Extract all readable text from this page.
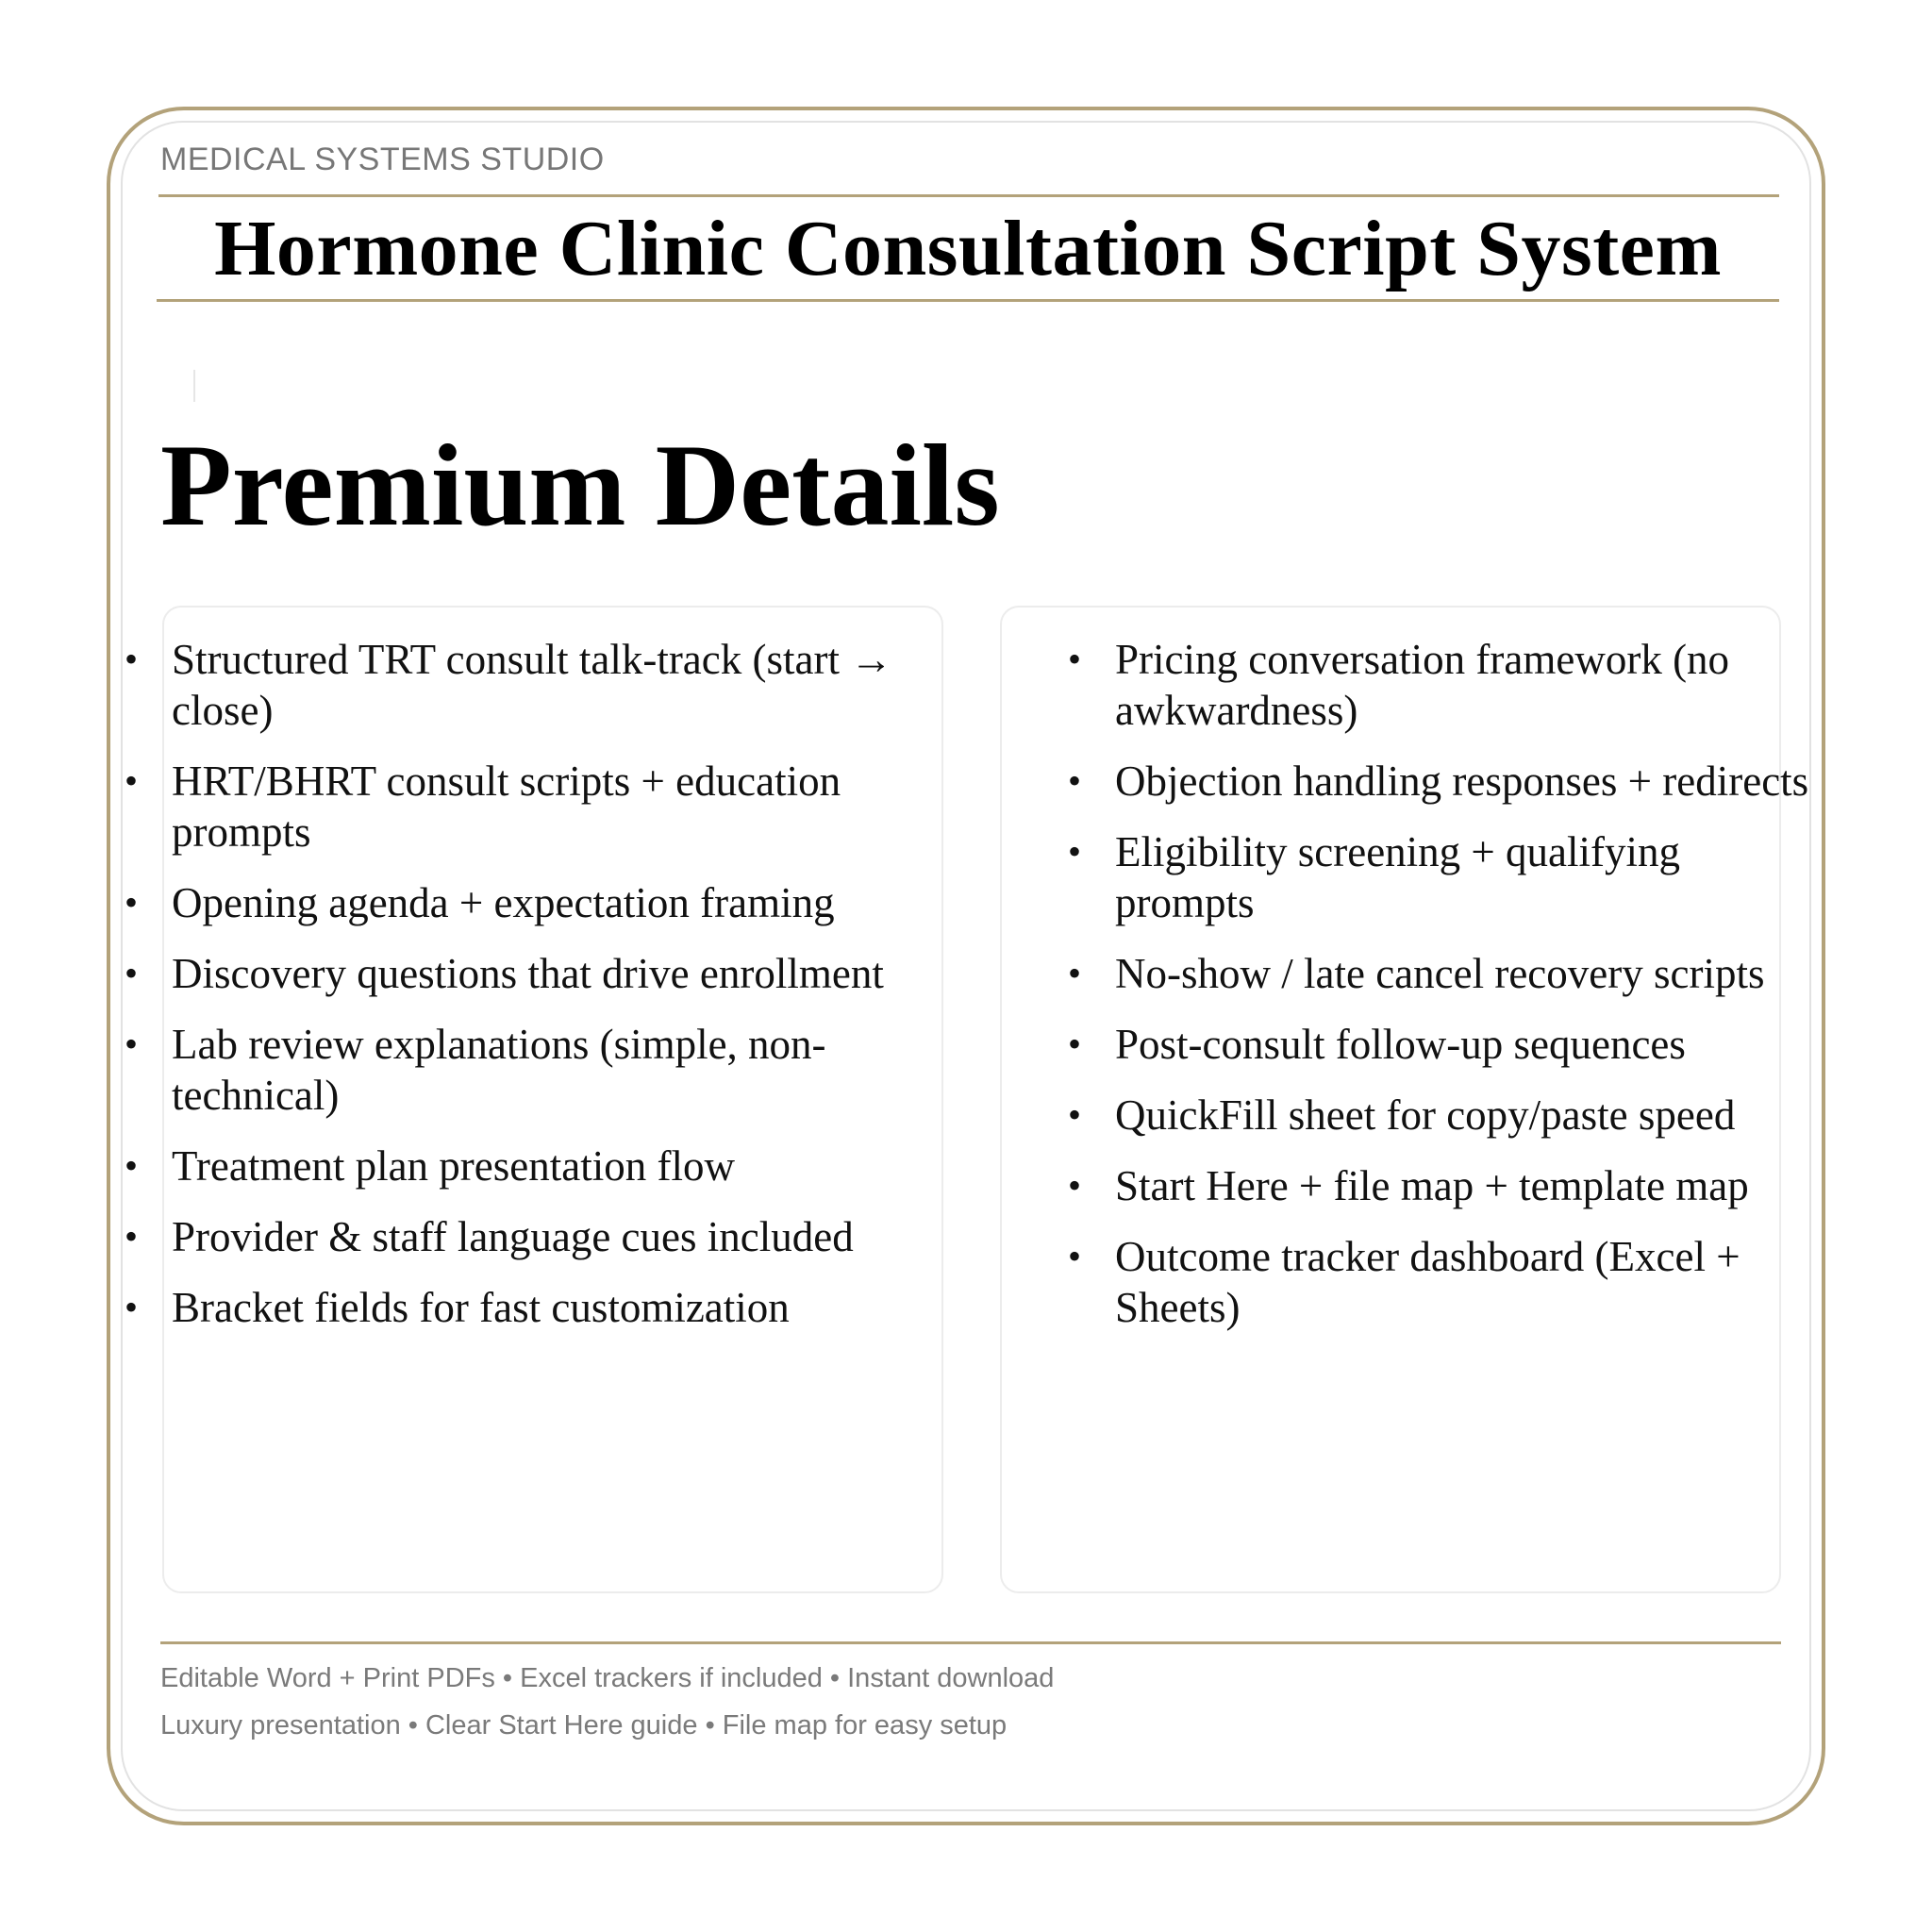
MEDICAL SYSTEMS STUDIO
Hormone Clinic Consultation Script System
Premium Details
• Structured TRT consult talk-track (start → close)
• HRT/BHRT consult scripts + education prompts
• Opening agenda + expectation framing
• Discovery questions that drive enrollment
• Lab review explanations (simple, non-technical)
• Treatment plan presentation flow
• Provider & staff language cues included
• Bracket fields for fast customization
• Pricing conversation framework (no awkwardness)
• Objection handling responses + redirects
• Eligibility screening + qualifying prompts
• No-show / late cancel recovery scripts
• Post-consult follow-up sequences
• QuickFill sheet for copy/paste speed
• Start Here + file map + template map
• Outcome tracker dashboard (Excel + Sheets)
Editable Word + Print PDFs • Excel trackers if included • Instant download
Luxury presentation • Clear Start Here guide • File map for easy setup
